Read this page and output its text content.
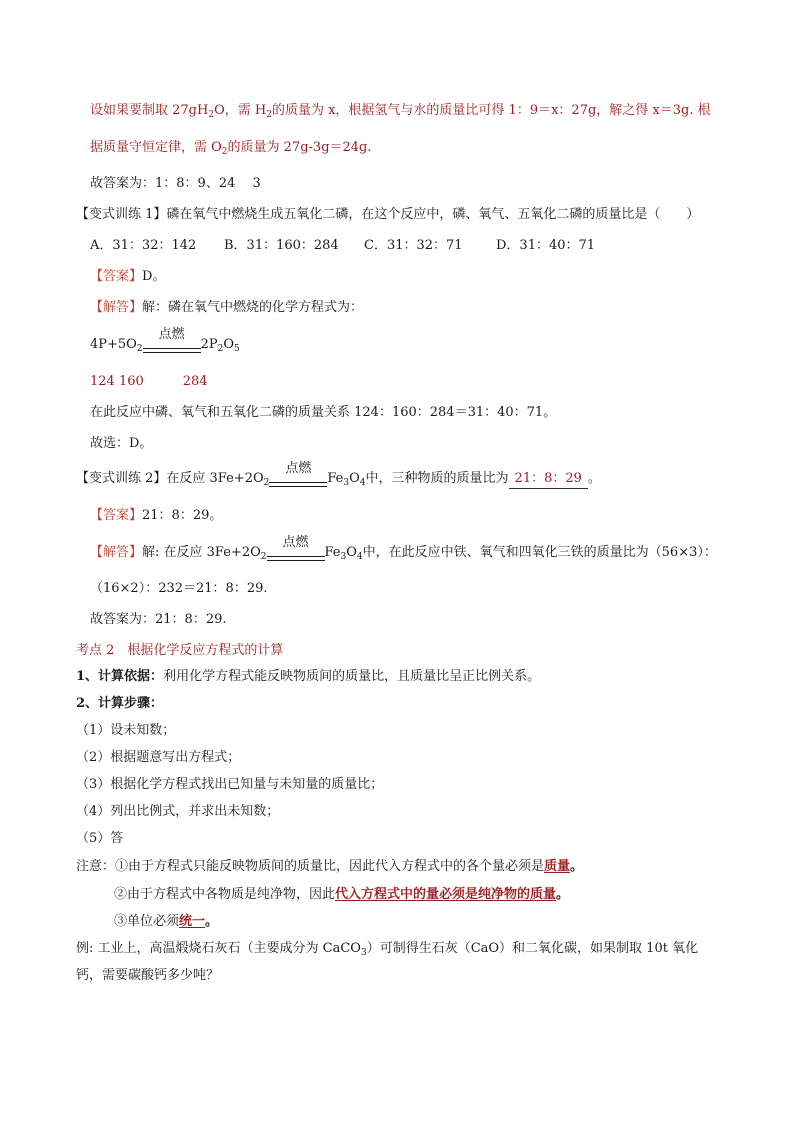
设如果要制取 $27gH_2O$，需 $H_2$的质量为 x，根据氢气与水的质量比可得 1：9＝x：27g，解之得 x＝3g. 根
据质量守恒定律，需 $O_2$的质量为 27g-3g＝24g.
故答案为：1：8：9、24　 3
【变式训练 1】磷在氧气中燃烧生成五氧化二磷，在这个反应中，磷、氧气、五氧化二磷的质量比是（　　）
A．31：32：142 B．31：160：284 C．31：32：71	D．31：40：71
【答案】D。
【解答】解：磷在氧气中燃烧的化学方程式为：
$4P+5O_2$
点燃
$2P_2O_5$
124 160　　　284
在此反应中磷、氧气和五氧化二磷的质量关系 124：160：284＝31：40：71。
故选：D。
【变式训练 2】在反应 $3Fe+2O_2$
点燃
$Fe_3O_4$中，三种物质的质量比为 21：8：29 。
【答案】21：8：29。
【解答】解: 在反应 $3Fe+2O_2$
点燃
$Fe_3O_4$中，在此反应中铁、氧气和四氧化三铁的质量比为（56×3）：
（16×2）：232＝21：8：29.
故答案为：21：8：29.
考点 2　根据化学反应方程式的计算
1、计算依据：利用化学方程式能反映物质间的质量比，且质量比呈正比例关系。
2、计算步骤：
（1）设未知数；
（2）根据题意写出方程式；
（3）根据化学方程式找出已知量与未知量的质量比；
（4）列出比例式，并求出未知数；
（5）答
注意：①由于方程式只能反映物质间的质量比，因此代入方程式中的各个量必须是质量。
②由于方程式中各物质是纯净物，因此代入方程式中的量必须是纯净物的质量。
③单位必须统一。
例: 工业上，高温煅烧石灰石（主要成分为 CaCO$_3$）可制得生石灰（CaO）和二氧化碳，如果制取 10t 氧化
钙，需要碳酸钙多少吨？
